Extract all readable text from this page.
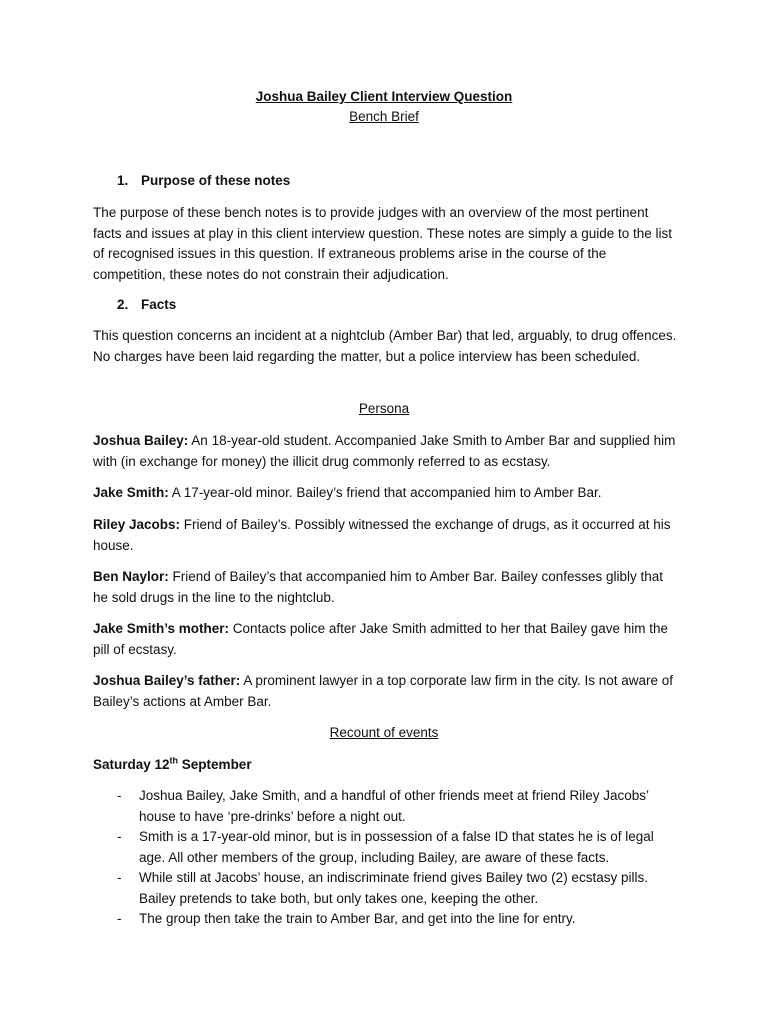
Joshua Bailey Client Interview Question
Bench Brief
1. Purpose of these notes
The purpose of these bench notes is to provide judges with an overview of the most pertinent facts and issues at play in this client interview question. These notes are simply a guide to the list of recognised issues in this question. If extraneous problems arise in the course of the competition, these notes do not constrain their adjudication.
2. Facts
This question concerns an incident at a nightclub (Amber Bar) that led, arguably, to drug offences. No charges have been laid regarding the matter, but a police interview has been scheduled.
Persona
Joshua Bailey: An 18-year-old student. Accompanied Jake Smith to Amber Bar and supplied him with (in exchange for money) the illicit drug commonly referred to as ecstasy.
Jake Smith: A 17-year-old minor. Bailey’s friend that accompanied him to Amber Bar.
Riley Jacobs: Friend of Bailey’s. Possibly witnessed the exchange of drugs, as it occurred at his house.
Ben Naylor: Friend of Bailey’s that accompanied him to Amber Bar. Bailey confesses glibly that he sold drugs in the line to the nightclub.
Jake Smith’s mother: Contacts police after Jake Smith admitted to her that Bailey gave him the pill of ecstasy.
Joshua Bailey’s father: A prominent lawyer in a top corporate law firm in the city. Is not aware of Bailey’s actions at Amber Bar.
Recount of events
Saturday 12th September
- Joshua Bailey, Jake Smith, and a handful of other friends meet at friend Riley Jacobs’ house to have ‘pre-drinks’ before a night out.
- Smith is a 17-year-old minor, but is in possession of a false ID that states he is of legal age. All other members of the group, including Bailey, are aware of these facts.
- While still at Jacobs’ house, an indiscriminate friend gives Bailey two (2) ecstasy pills. Bailey pretends to take both, but only takes one, keeping the other.
- The group then take the train to Amber Bar, and get into the line for entry.
